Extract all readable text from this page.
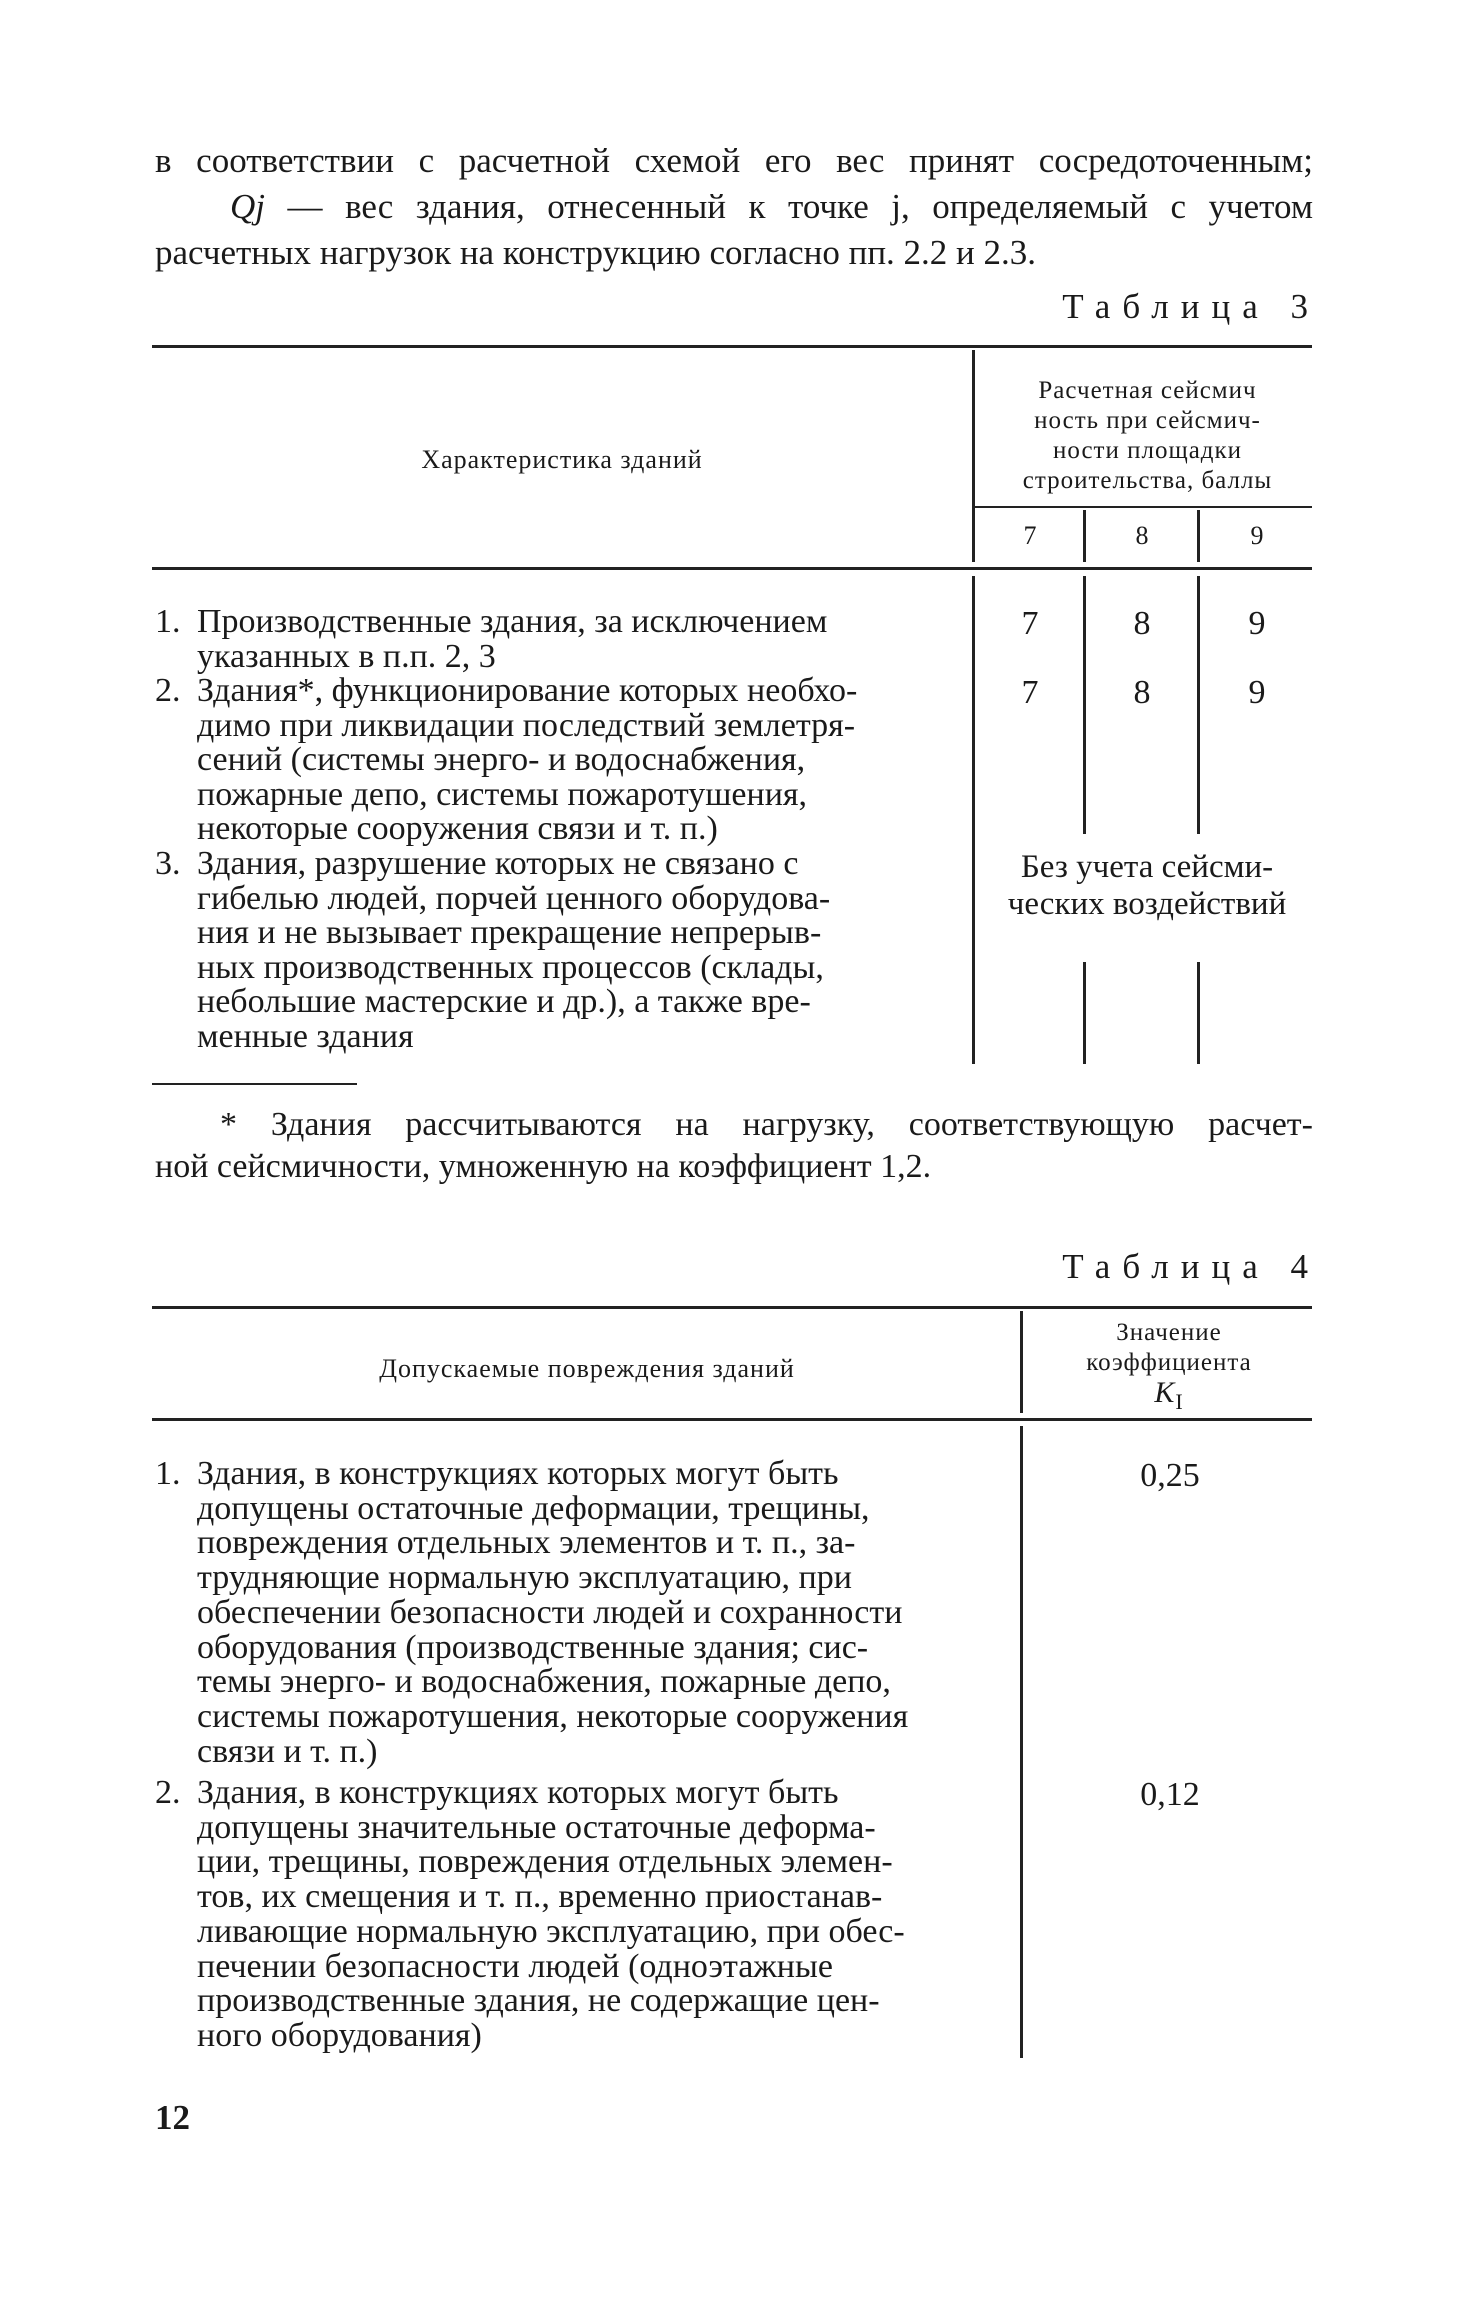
в соответствии с расчетной схемой его вес принят сосредоточенным;
Qj — вес здания, отнесенный к точке j, определяемый с учетом
расчетных нагрузок на конструкцию согласно пп. 2.2 и 2.3.
Таблица 3
Характеристика зданий
Расчетная сейсмич
ность при сейсмич-
ности площадки
строительства, баллы
7	8	9
1. Производственные здания, за исключением
указанных в п.п. 2, 3
7	8	9
2. Здания*, функционирование которых необхо-
димо при ликвидации последствий землетря-
сений (системы энерго- и водоснабжения,
пожарные депо, системы пожаротушения,
некоторые сооружения связи и т. п.)
7	8	9
3. Здания, разрушение которых не связано с
гибелью людей, порчей ценного оборудова-
ния и не вызывает прекращение непрерыв-
ных производственных процессов (склады,
небольшие мастерские и др.), а также вре-
менные здания
Без учета сейсми-
ческих воздействий
* Здания рассчитываются на нагрузку, соответствующую расчет-
ной сейсмичности, умноженную на коэффициент 1,2.
Таблица 4
Допускаемые повреждения зданий
Значение
коэффициента
$K_I$
1. Здания, в конструкциях которых могут быть
допущены остаточные деформации, трещины,
повреждения отдельных элементов и т. п., за-
трудняющие нормальную эксплуатацию, при
обеспечении безопасности людей и сохранности
оборудования (производственные здания; сис-
темы энерго- и водоснабжения, пожарные депо,
системы пожаротушения, некоторые сооружения
связи и т. п.)
0,25
2. Здания, в конструкциях которых могут быть
допущены значительные остаточные деформа-
ции, трещины, повреждения отдельных элемен-
тов, их смещения и т. п., временно приостанав-
ливающие нормальную эксплуатацию, при обес-
печении безопасности людей (одноэтажные
производственные здания, не содержащие цен-
ного оборудования)
0,12
12
